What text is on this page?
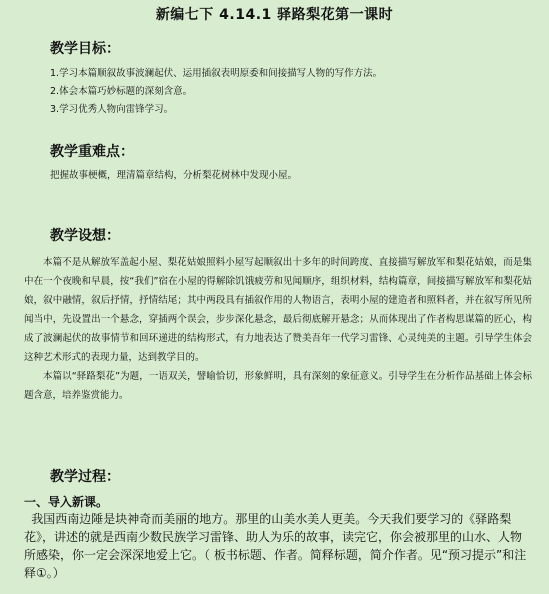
新编七下 4.14.1 驿路梨花第一课时
教学目标：
1.学习本篇顺叙故事波澜起伏、运用插叙表明原委和间接描写人物的写作方法。
2.体会本篇巧妙标题的深刻含意。
3.学习优秀人物向雷锋学习。
教学重难点：
把握故事梗概，理清篇章结构，分析梨花树林中发现小屋。
教学设想：

本篇不是从解放军盖起小屋、梨花姑娘照料小屋写起顺叙出十多年的时间跨度、直接描写解放军和梨花姑娘，而是集中在一个夜晚和早晨，按“我们”宿在小屋的得解除饥饿疲劳和见闻顺序，组织材料，结构篇章，间接描写解放军和梨花姑娘，叙中融情，叙后抒情，抒情结尾；其中两段具有插叙作用的人物语言，表明小屋的建造者和照料者，并在叙写所见所闻当中，先设置出一个悬念，穿插两个误会，步步深化悬念，最后彻底解开悬念；从而体现出了作者构思谋篇的匠心，构成了波澜起伏的故事情节和回环递进的结构形式，有力地表达了赞美吾年一代学习雷锋、心灵纯美的主题。引导学生体会这种艺术形式的表现力量，达到教学目的。

本篇以“驿路梨花”为题，一语双关，譬喻恰切，形象鲜明，具有深刻的象征意义。引导学生在分析作品基础上体会标题含意，培养鉴赏能力。

教学过程：
一、导入新课。

我国西南边陲是块神奇而美丽的地方。那里的山美水美人更美。今天我们要学习的《驿路梨花》，讲述的就是西南少数民族学习雷锋、助人为乐的故事，读完它，你会被那里的山水、人物所感染，你一定会深深地爱上它。（ 板书标题、作者。简释标题，简介作者。见“预习提示”和注释①。）
